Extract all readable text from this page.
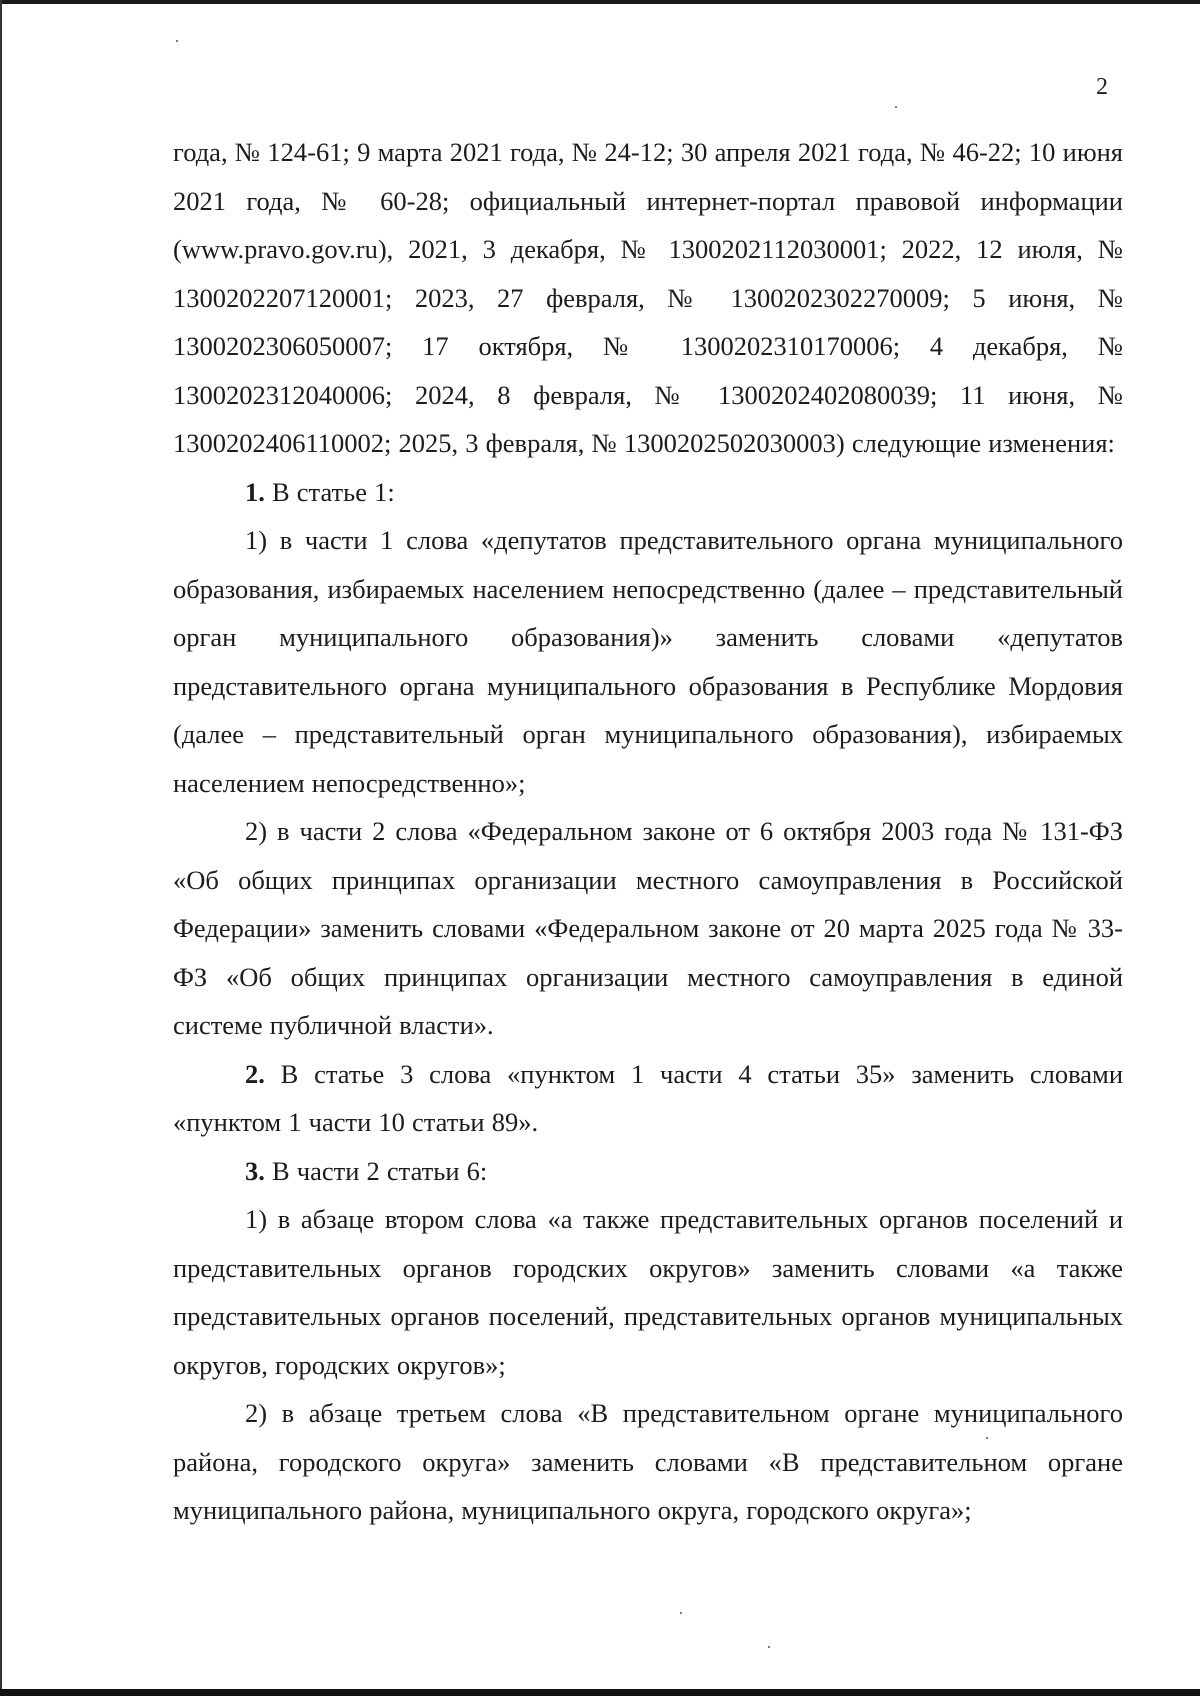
2

года, № 124-61; 9 марта 2021 года, № 24-12; 30 апреля 2021 года, № 46-22; 10 июня 2021 года, № 60-28; официальный интернет-портал правовой информации (www.pravo.gov.ru), 2021, 3 декабря, № 1300202112030001; 2022, 12 июля, № 1300202207120001; 2023, 27 февраля, № 1300202302270009; 5 июня, № 1300202306050007; 17 октября, № 1300202310170006; 4 декабря, № 1300202312040006; 2024, 8 февраля, № 1300202402080039; 11 июня, № 1300202406110002; 2025, 3 февраля, № 1300202502030003) следующие изменения:

1. В статье 1:

1) в части 1 слова «депутатов представительного органа муниципального образования, избираемых населением непосредственно (далее – представительный орган муниципального образования)» заменить словами «депутатов представительного органа муниципального образования в Республике Мордовия (далее – представительный орган муниципального образования), избираемых населением непосредственно»;

2) в части 2 слова «Федеральном законе от 6 октября 2003 года № 131-ФЗ «Об общих принципах организации местного самоуправления в Российской Федерации» заменить словами «Федеральном законе от 20 марта 2025 года № 33-ФЗ «Об общих принципах организации местного самоуправления в единой системе публичной власти».

2. В статье 3 слова «пунктом 1 части 4 статьи 35» заменить словами «пунктом 1 части 10 статьи 89».

3. В части 2 статьи 6:

1) в абзаце втором слова «а также представительных органов поселений и представительных органов городских округов» заменить словами «а также представительных органов поселений, представительных органов муниципальных округов, городских округов»;

2) в абзаце третьем слова «В представительном органе муниципального района, городского округа» заменить словами «В представительном органе муниципального района, муниципального округа, городского округа»;
